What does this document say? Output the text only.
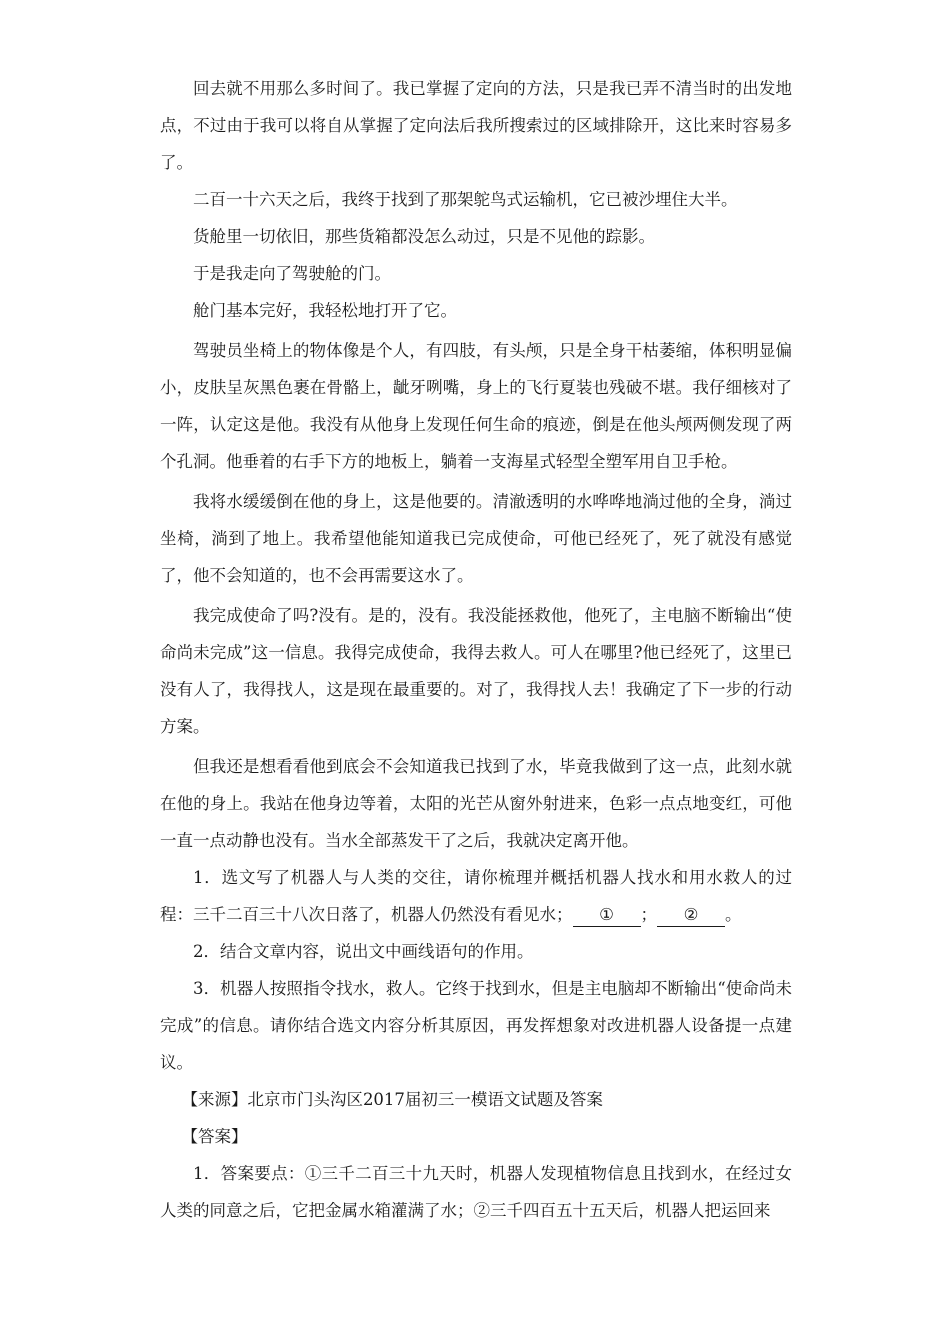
回去就不用那么多时间了。我已掌握了定向的方法，只是我已弄不清当时的出发地点，不过由于我可以将自从掌握了定向法后我所搜索过的区域排除开，这比来时容易多了。

二百一十六天之后，我终于找到了那架鸵鸟式运输机，它已被沙埋住大半。

货舱里一切依旧，那些货箱都没怎么动过，只是不见他的踪影。

于是我走向了驾驶舱的门。

舱门基本完好，我轻松地打开了它。

驾驶员坐椅上的物体像是个人，有四肢，有头颅，只是全身干枯萎缩，体积明显偏小，皮肤呈灰黑色裹在骨骼上，龇牙咧嘴，身上的飞行夏装也残破不堪。我仔细核对了一阵，认定这是他。我没有从他身上发现任何生命的痕迹，倒是在他头颅两侧发现了两个孔洞。他垂着的右手下方的地板上，躺着一支海星式轻型全塑军用自卫手枪。

我将水缓缓倒在他的身上，这是他要的。清澈透明的水哗哗地淌过他的全身，淌过坐椅，淌到了地上。我希望他能知道我已完成使命，可他已经死了，死了就没有感觉了，他不会知道的，也不会再需要这水了。

我完成使命了吗?没有。是的，没有。我没能拯救他，他死了，主电脑不断输出“使命尚未完成”这一信息。我得完成使命，我得去救人。可人在哪里?他已经死了，这里已没有人了，我得找人，这是现在最重要的。对了，我得找人去！我确定了下一步的行动方案。

但我还是想看看他到底会不会知道我已找到了水，毕竟我做到了这一点，此刻水就在他的身上。我站在他身边等着，太阳的光芒从窗外射进来，色彩一点点地变红，可他一直一点动静也没有。当水全部蒸发干了之后，我就决定离开他。

1．选文写了机器人与人类的交往，请你梳理并概括机器人找水和用水救人的过程：三千二百三十八次日落了，机器人仍然没有看见水； ① ； ② 。

2．结合文章内容，说出文中画线语句的作用。

3．机器人按照指令找水，救人。它终于找到水，但是主电脑却不断输出“使命尚未完成”的信息。请你结合选文内容分析其原因，再发挥想象对改进机器人设备提一点建议。

【来源】北京市门头沟区2017届初三一模语文试题及答案

【答案】

1．答案要点：①三千二百三十九天时，机器人发现植物信息且找到水，在经过女人类的同意之后，它把金属水箱灌满了水；②三千四百五十五天后，机器人把运回来
